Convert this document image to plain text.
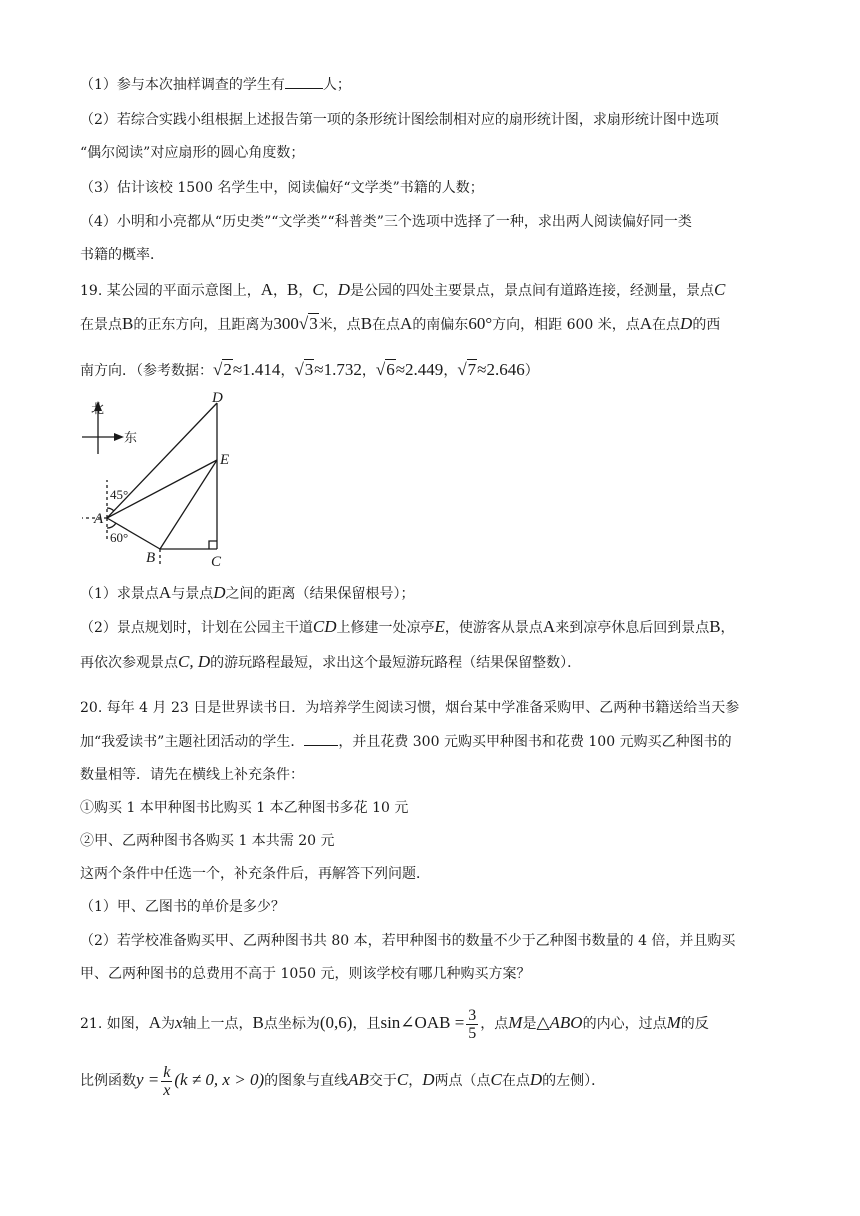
（1）参与本次抽样调查的学生有	人；
（2）若综合实践小组根据上述报告第一项的条形统计图绘制相对应的扇形统计图，求扇形统计图中选项
“偶尔阅读”对应扇形的圆心角度数；
（3）估计该校 1500 名学生中，阅读偏好“文学类”书籍的人数；
（4）小明和小亮都从“历史类”“文学类”“科普类”三个选项中选择了一种，求出两人阅读偏好同一类
书籍的概率．
19. 某公园的平面示意图上，A，B，C，D是公园的四处主要景点，景点间有道路连接，经测量，景点C
在景点B的正东方向，且距离为300√3米，点B在点A的南偏东60°方向，相距 600 米，点A在点D的西
南方向．（参考数据：√2≈1.414，√3≈1.732，√6≈2.449，√7≈2.646）
北
东
D
E
A
B	C
45°
60°
（1）求景点A与景点D之间的距离（结果保留根号）；
（2）景点规划时，计划在公园主干道CD上修建一处凉亭E，使游客从景点A来到凉亭休息后回到景点B，
再依次参观景点C, D的游玩路程最短，求出这个最短游玩路程（结果保留整数）．
20. 每年 4 月 23 日是世界读书日．为培养学生阅读习惯，烟台某中学准备采购甲、乙两种书籍送给当天参
加“我爱读书”主题社团活动的学生． ，并且花费 300 元购买甲种图书和花费 100 元购买乙种图书的
数量相等．请先在横线上补充条件：
①购买 1 本甲种图书比购买 1 本乙种图书多花 10 元
②甲、乙两种图书各购买 1 本共需 20 元
这两个条件中任选一个，补充条件后，再解答下列问题．
（1）甲、乙图书的单价是多少？
（2）若学校准备购买甲、乙两种图书共 80 本，若甲种图书的数量不少于乙种图书数量的 4 倍，并且购买
甲、乙两种图书的总费用不高于 1050 元，则该学校有哪几种购买方案？
21. 如图，A为x轴上一点，B点坐标为(0,6)，且sin∠OAB = $\frac{3}{5}$ ，点M是△ABO的内心，过点M的反
比例函数$y = \frac{k}{x} (k \ne 0$, x > 0)的图象与直线AB交于C，D两点（点C在点D的左侧）．
